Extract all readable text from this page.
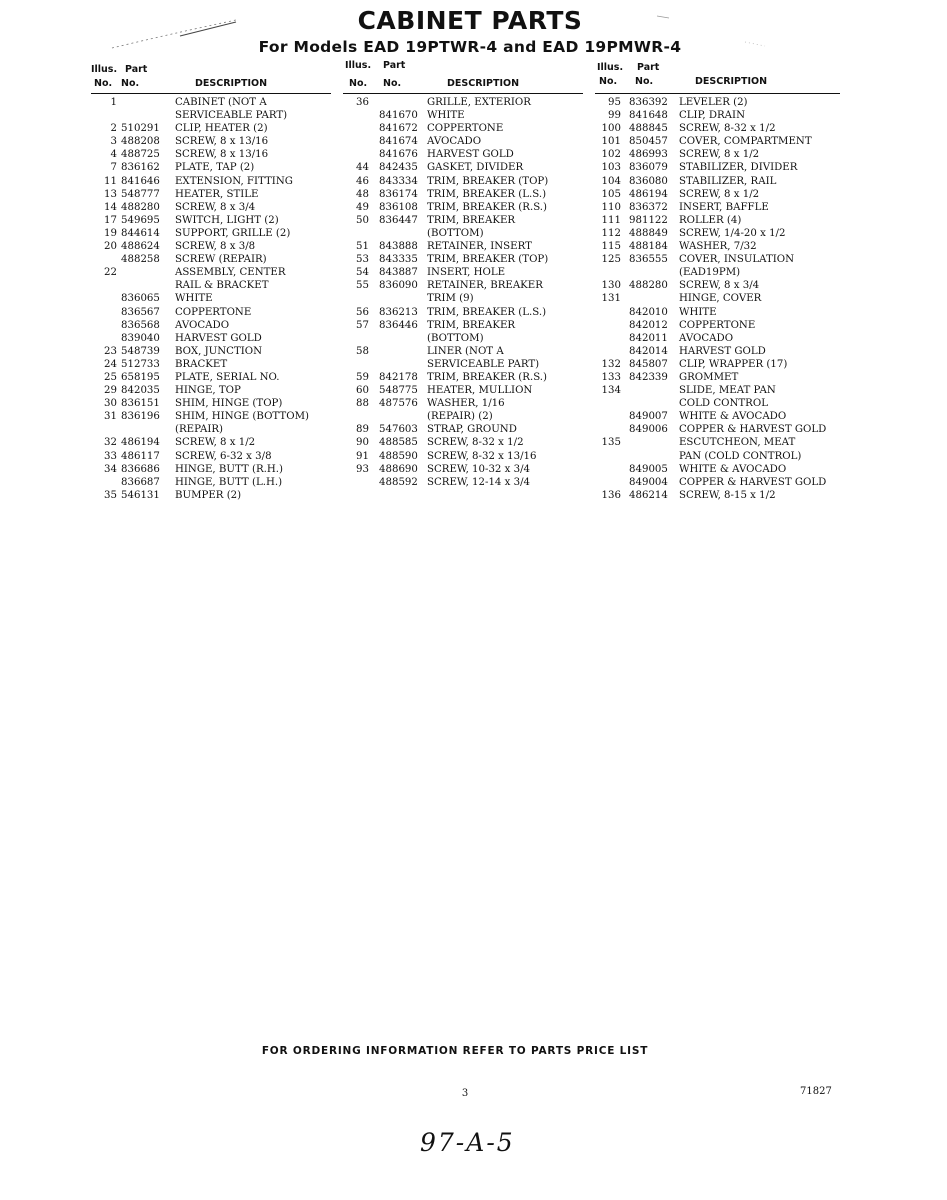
CABINET PARTS
For Models EAD 19PTWR-4 and EAD 19PMWR-4
Illus.
No.
Part
No.	DESCRIPTION
1	CABINET (NOT A
SERVICEABLE PART)
2 510291 CLIP, HEATER (2)
3 488208 SCREW, 8 x 13/16
4 488725 SCREW, 8 x 13/16
7 836162 PLATE, TAP (2)
11 841646 EXTENSION, FITTING
13 548777 HEATER, STILE
14 488280 SCREW, 8 x 3/4
17 549695 SWITCH, LIGHT (2)
19 844614 SUPPORT, GRILLE (2)
20 488624 SCREW, 8 x 3/8
488258 SCREW (REPAIR)
22	ASSEMBLY, CENTER
RAIL & BRACKET
836065 WHITE
836567 COPPERTONE
836568 AVOCADO
839040 HARVEST GOLD
23 548739 BOX, JUNCTION
24 512733 BRACKET
25 658195 PLATE, SERIAL NO.
29 842035 HINGE, TOP
30 836151 SHIM, HINGE (TOP)
31 836196 SHIM, HINGE (BOTTOM)
(REPAIR)
32 486194 SCREW, 8 x 1/2
33 486117 SCREW, 6-32 x 3/8
34 836686 HINGE, BUTT (R.H.)
836687 HINGE, BUTT (L.H.)
35 546131 BUMPER (2)
Illus.
No.
Part
No.	DESCRIPTION
36	GRILLE, EXTERIOR
841670 WHITE
841672 COPPERTONE
841674 AVOCADO
841676 HARVEST GOLD
44 842435 GASKET, DIVIDER
46 843334 TRIM, BREAKER (TOP)
48 836174 TRIM, BREAKER (L.S.)
49 836108 TRIM, BREAKER (R.S.)
50 836447 TRIM, BREAKER
(BOTTOM)
51 843888 RETAINER, INSERT
53 843335 TRIM, BREAKER (TOP)
54 843887 INSERT, HOLE
55 836090 RETAINER, BREAKER
TRIM (9)
56 836213 TRIM, BREAKER (L.S.)
57 836446 TRIM, BREAKER
(BOTTOM)
58	LINER (NOT A
SERVICEABLE PART)
59 842178 TRIM, BREAKER (R.S.)
60 548775 HEATER, MULLION
88 487576 WASHER, 1/16
(REPAIR) (2)
89 547603 STRAP, GROUND
90 488585 SCREW, 8-32 x 1/2
91 488590 SCREW, 8-32 x 13/16
93 488690 SCREW, 10-32 x 3/4
488592 SCREW, 12-14 x 3/4
Illus.
No.
Part
No.	DESCRIPTION
95 836392 LEVELER (2)
99 841648 CLIP, DRAIN
100 488845 SCREW, 8-32 x 1/2
101 850457 COVER, COMPARTMENT
102 486993 SCREW, 8 x 1/2
103 836079 STABILIZER, DIVIDER
104 836080 STABILIZER, RAIL
105 486194 SCREW, 8 x 1/2
110 836372 INSERT, BAFFLE
111 981122 ROLLER (4)
112 488849 SCREW, 1/4-20 x 1/2
115 488184 WASHER, 7/32
125 836555 COVER, INSULATION
(EAD19PM)
130 488280 SCREW, 8 x 3/4
131	HINGE, COVER
842010 WHITE
842012 COPPERTONE
842011 AVOCADO
842014 HARVEST GOLD
132 845807 CLIP, WRAPPER (17)
133 842339 GROMMET
134	SLIDE, MEAT PAN
COLD CONTROL
849007 WHITE & AVOCADO
849006 COPPER & HARVEST GOLD
135	ESCUTCHEON, MEAT
PAN (COLD CONTROL)
849005 WHITE & AVOCADO
849004 COPPER & HARVEST GOLD
136 486214 SCREW, 8-15 x 1/2
FOR ORDERING INFORMATION REFER TO PARTS PRICE LIST
3	71827
97-A-5
